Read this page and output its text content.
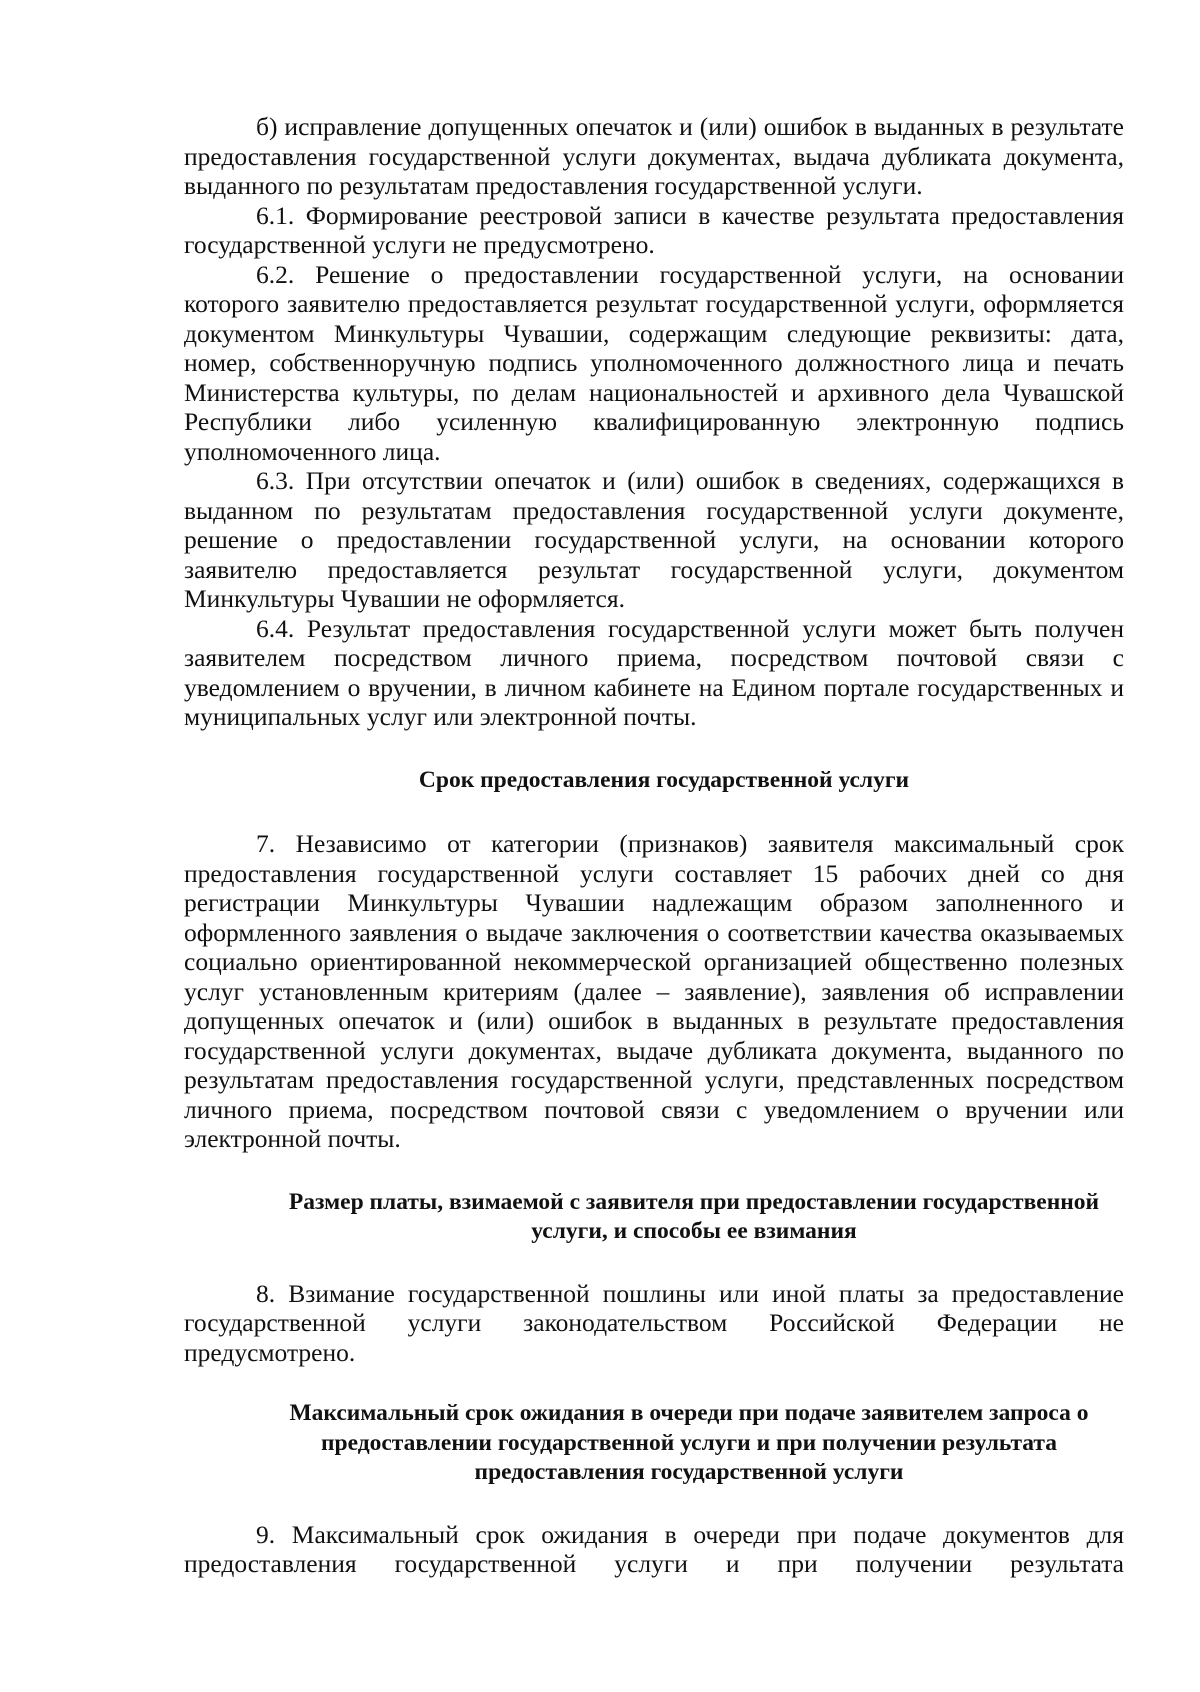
б) исправление допущенных опечаток и (или) ошибок в выданных в результате предоставления государственной услуги документах, выдача дубликата документа, выданного по результатам предоставления государственной услуги.

6.1. Формирование реестровой записи в качестве результата предоставления государственной услуги не предусмотрено.

6.2. Решение о предоставлении государственной услуги, на основании которого заявителю предоставляется результат государственной услуги, оформляется документом Минкультуры Чувашии, содержащим следующие реквизиты: дата, номер, собственноручную подпись уполномоченного должностного лица и печать Министерства культуры, по делам национальностей и архивного дела Чувашской Республики либо усиленную квалифицированную электронную подпись уполномоченного лица.

6.3. При отсутствии опечаток и (или) ошибок в сведениях, содержащихся в выданном по результатам предоставления государственной услуги документе, решение о предоставлении государственной услуги, на основании которого заявителю предоставляется результат государственной услуги, документом Минкультуры Чувашии не оформляется.

6.4. Результат предоставления государственной услуги может быть получен заявителем посредством личного приема, посредством почтовой связи с уведомлением о вручении, в личном кабинете на Едином портале государственных и муниципальных услуг или электронной почты.

Срок предоставления государственной услуги

7. Независимо от категории (признаков) заявителя максимальный срок предоставления государственной услуги составляет 15 рабочих дней со дня регистрации Минкультуры Чувашии надлежащим образом заполненного и оформленного заявления о выдаче заключения о соответствии качества оказываемых социально ориентированной некоммерческой организацией общественно полезных услуг установленным критериям (далее – заявление), заявления об исправлении допущенных опечаток и (или) ошибок в выданных в результате предоставления государственной услуги документах, выдаче дубликата документа, выданного по результатам предоставления государственной услуги, представленных посредством личного приема, посредством почтовой связи с уведомлением о вручении или электронной почты.

Размер платы, взимаемой с заявителя при предоставлении государственной
услуги, и способы ее взимания

8. Взимание государственной пошлины или иной платы за предоставление государственной услуги законодательством Российской Федерации не предусмотрено.

Максимальный срок ожидания в очереди при подаче заявителем запроса о
предоставлении государственной услуги и при получении результата
предоставления государственной услуги

9. Максимальный срок ожидания в очереди при подаче документов для предоставления государственной услуги и при получении результата
